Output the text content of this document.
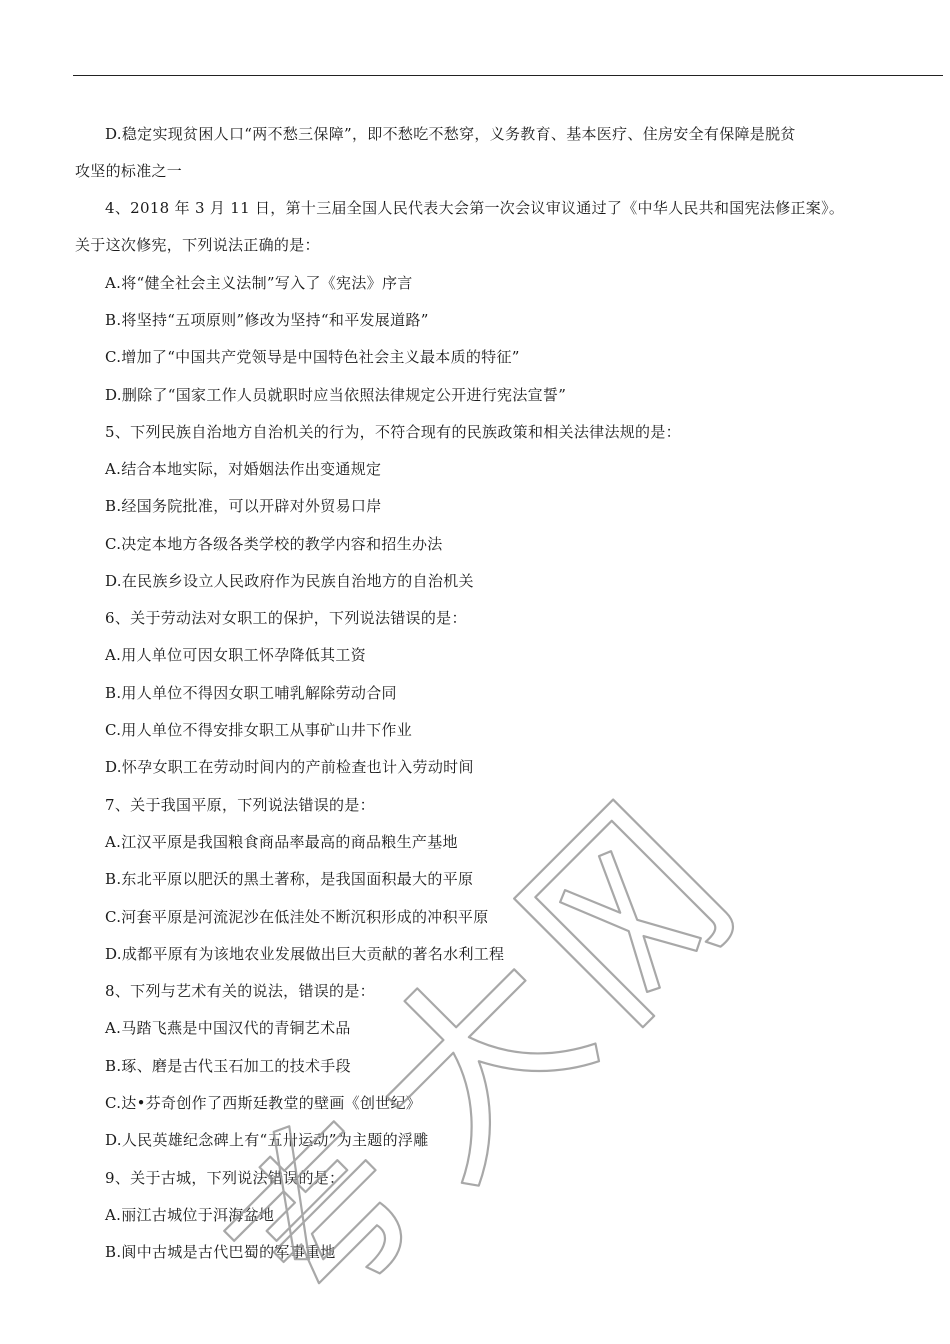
D.稳定实现贫困人口“两不愁三保障”，即不愁吃不愁穿，义务教育、基本医疗、住房安全有保障是脱贫
攻坚的标准之一
4、2018 年 3 月 11 日，第十三届全国人民代表大会第一次会议审议通过了《中华人民共和国宪法修正案》。
关于这次修宪，下列说法正确的是：
A.将“健全社会主义法制”写入了《宪法》序言
B.将坚持“五项原则”修改为坚持“和平发展道路”
C.增加了“中国共产党领导是中国特色社会主义最本质的特征”
D.删除了“国家工作人员就职时应当依照法律规定公开进行宪法宣誓”
5、下列民族自治地方自治机关的行为，不符合现有的民族政策和相关法律法规的是：
A.结合本地实际，对婚姻法作出变通规定
B.经国务院批准，可以开辟对外贸易口岸
C.决定本地方各级各类学校的教学内容和招生办法
D.在民族乡设立人民政府作为民族自治地方的自治机关
6、关于劳动法对女职工的保护，下列说法错误的是：
A.用人单位可因女职工怀孕降低其工资
B.用人单位不得因女职工哺乳解除劳动合同
C.用人单位不得安排女职工从事矿山井下作业
D.怀孕女职工在劳动时间内的产前检查也计入劳动时间
7、关于我国平原，下列说法错误的是：
A.江汉平原是我国粮食商品率最高的商品粮生产基地
B.东北平原以肥沃的黑土著称，是我国面积最大的平原
C.河套平原是河流泥沙在低洼处不断沉积形成的冲积平原
D.成都平原有为该地农业发展做出巨大贡献的著名水利工程
8、下列与艺术有关的说法，错误的是：
A.马踏飞燕是中国汉代的青铜艺术品
B.琢、磨是古代玉石加工的技术手段
C.达•芬奇创作了西斯廷教堂的壁画《创世纪》
D.人民英雄纪念碑上有“五卅运动”为主题的浮雕
9、关于古城，下列说法错误的是：
A.丽江古城位于洱海盆地
B.阆中古城是古代巴蜀的军事重地
